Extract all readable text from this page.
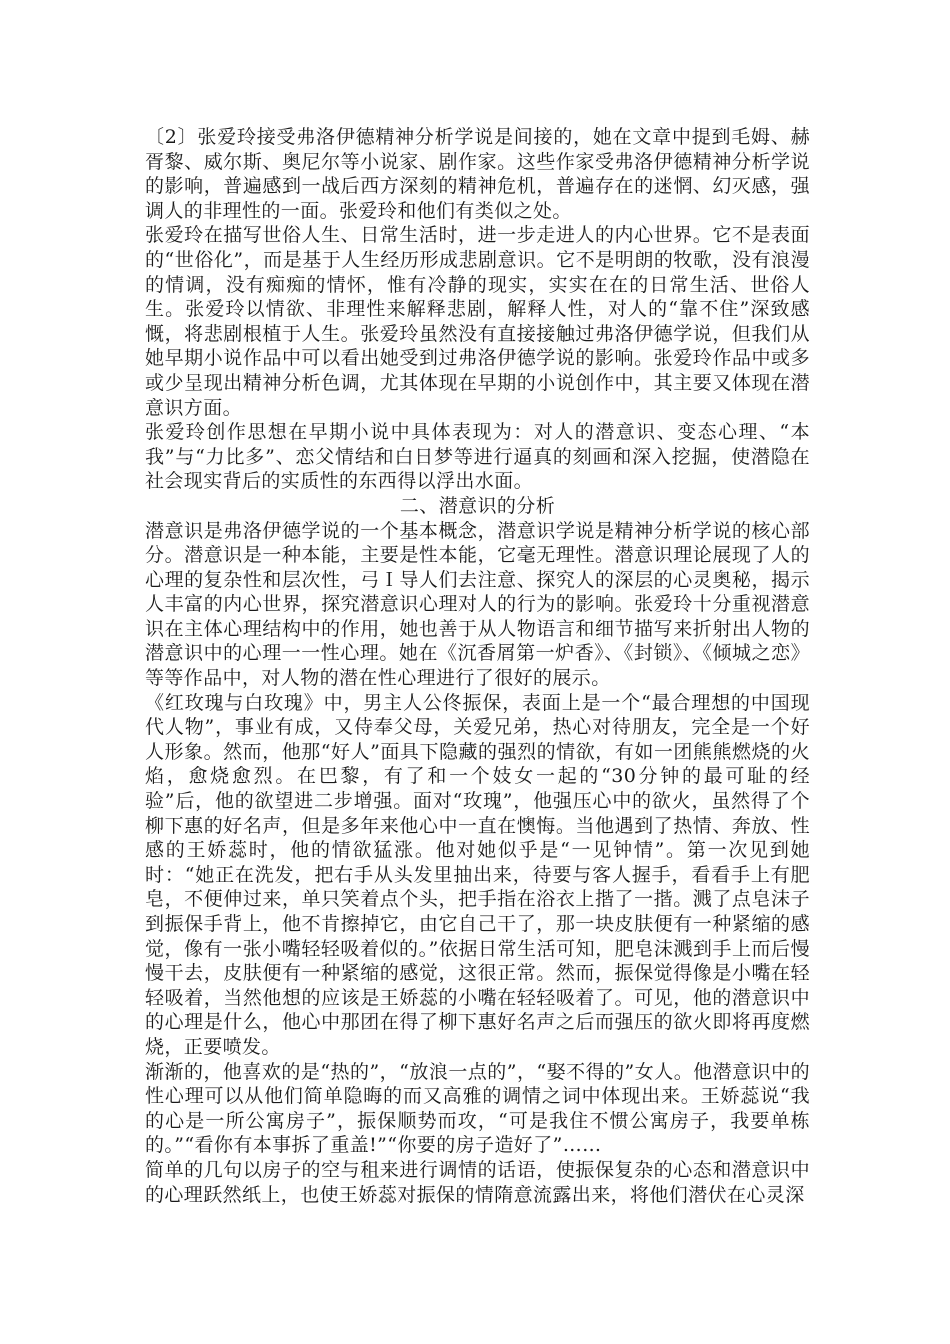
〔2〕张爱玲接受弗洛伊德精神分析学说是间接的，她在文章中提到毛姆、赫胥黎、威尔斯、奥尼尔等小说家、剧作家。这些作家受弗洛伊德精神分析学说的影响，普遍感到一战后西方深刻的精神危机，普遍存在的迷惘、幻灭感，强调人的非理性的一面。张爱玲和他们有类似之处。

张爱玲在描写世俗人生、日常生活时，进一步走进人的内心世界。它不是表面的“世俗化”，而是基于人生经历形成悲剧意识。它不是明朗的牧歌，没有浪漫的情调，没有痴痴的情怀，惟有冷静的现实，实实在在的日常生活、世俗人生。张爱玲以情欲、非理性来解释悲剧，解释人性，对人的“靠不住”深致感慨，将悲剧根植于人生。张爱玲虽然没有直接接触过弗洛伊德学说，但我们从她早期小说作品中可以看出她受到过弗洛伊德学说的影响。张爱玲作品中或多或少呈现出精神分析色调，尤其体现在早期的小说创作中，其主要又体现在潜意识方面。

张爱玲创作思想在早期小说中具体表现为：对人的潜意识、变态心理、“本我”与“力比多”、恋父情结和白日梦等进行逼真的刻画和深入挖掘，使潜隐在社会现实背后的实质性的东西得以浮出水面。

二、潜意识的分析

潜意识是弗洛伊德学说的一个基本概念，潜意识学说是精神分析学说的核心部分。潜意识是一种本能，主要是性本能，它毫无理性。潜意识理论展现了人的心理的复杂性和层次性，弓Ｉ导人们去注意、探究人的深层的心灵奥秘，揭示人丰富的内心世界，探究潜意识心理对人的行为的影响。张爱玲十分重视潜意识在主体心理结构中的作用，她也善于从人物语言和细节描写来折射出人物的潜意识中的心理一一性心理。她在《沉香屑第一炉香》、《封锁》、《倾城之恋》等等作品中，对人物的潜在性心理进行了很好的展示。

《红玫瑰与白玫瑰》中，男主人公佟振保，表面上是一个“最合理想的中国现代人物”，事业有成，又侍奉父母，关爱兄弟，热心对待朋友，完全是一个好人形象。然而，他那“好人”面具下隐藏的强烈的情欲，有如一团熊熊燃烧的火焰，愈烧愈烈。在巴黎，有了和一个妓女一起的“30分钟的最可耻的经验”后，他的欲望进二步增强。面对“玫瑰”，他强压心中的欲火，虽然得了个柳下惠的好名声，但是多年来他心中一直在懊悔。当他遇到了热情、奔放、性感的王娇蕊时，他的情欲猛涨。他对她似乎是“一见钟情”。第一次见到她时：“她正在洗发，把右手从头发里抽出来，待要与客人握手，看看手上有肥皂，不便伸过来，单只笑着点个头，把手指在浴衣上揩了一揩。溅了点皂沫子到振保手背上，他不肯擦掉它，由它自己干了，那一块皮肤便有一种紧缩的感觉，像有一张小嘴轻轻吸着似的。”依据日常生活可知，肥皂沫溅到手上而后慢慢干去，皮肤便有一种紧缩的感觉，这很正常。然而，振保觉得像是小嘴在轻轻吸着，当然他想的应该是王娇蕊的小嘴在轻轻吸着了。可见，他的潜意识中的心理是什么，他心中那团在得了柳下惠好名声之后而强压的欲火即将再度燃烧，正要喷发。

渐渐的，他喜欢的是“热的”，“放浪一点的”，“娶不得的”女人。他潜意识中的性心理可以从他们简单隐晦的而又高雅的调情之词中体现出来。王娇蕊说“我的心是一所公寓房子”，振保顺势而攻，“可是我住不惯公寓房子，我要单栋的。”“看你有本事拆了重盖!”“你要的房子造好了”……

简单的几句以房子的空与租来进行调情的话语，使振保复杂的心态和潜意识中的心理跃然纸上，也使王娇蕊对振保的情隋意流露出来，将他们潜伏在心灵深
